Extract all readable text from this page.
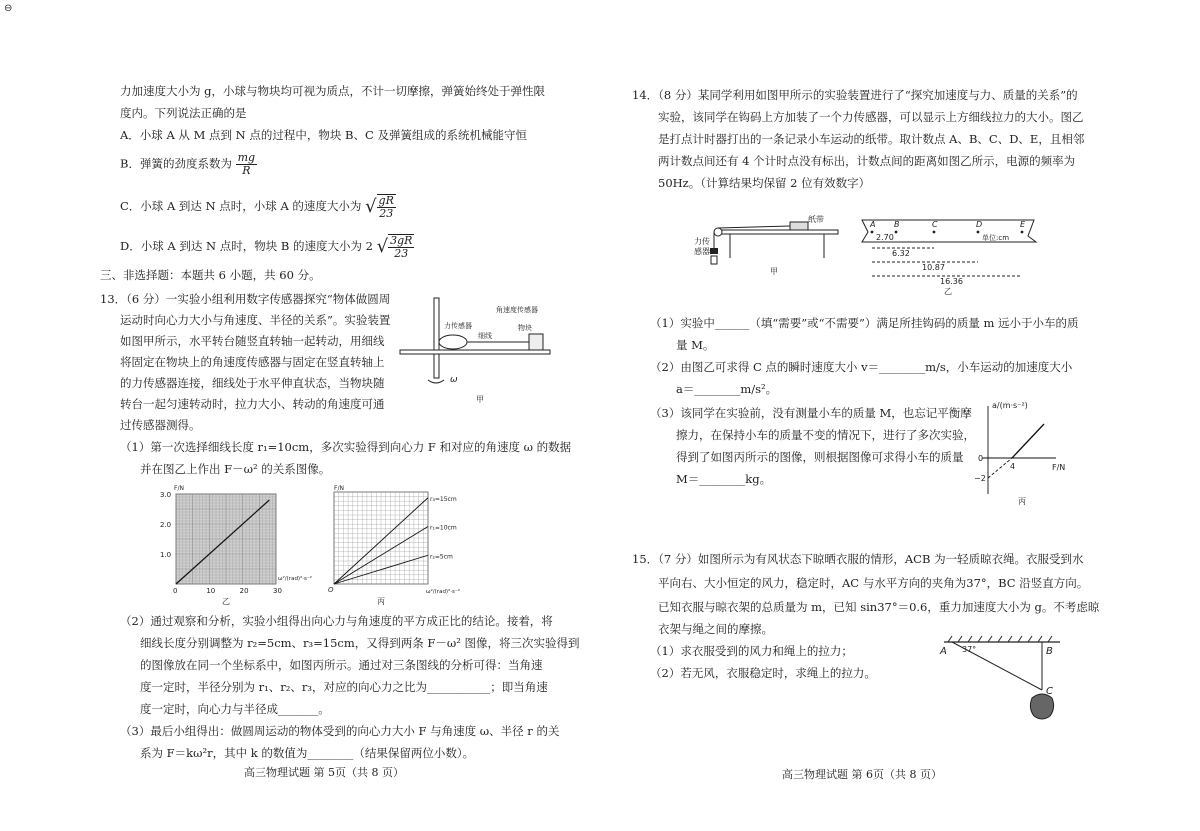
⊖
力加速度大小为 g，小球与物块均可视为质点，不计一切摩擦，弹簧始终处于弹性限
度内。下列说法正确的是
A．小球 A 从 M 点到 N 点的过程中，物块 B、C 及弹簧组成的系统机械能守恒
B．弹簧的劲度系数为 $\frac{mg}{R}$
C．小球 A 到达 N 点时，小球 A 的速度大小为 √ $\frac{gR}{23}$
D．小球 A 到达 N 点时，物块 B 的速度大小为 2 √ $\frac{3gR}{23}$
三、非选择题：本题共 6 小题，共 60 分。
13．（6 分）一实验小组利用数字传感器探究“物体做圆周
运动时向心力大小与角速度、半径的关系”。实验装置
如图甲所示，水平转台随竖直转轴一起转动，用细线
将固定在物块上的角速度传感器与固定在竖直转轴上
的力传感器连接，细线处于水平伸直状态，当物块随
转台一起匀速转动时，拉力大小、转动的角速度可通
过传感器测得。
角速度传感器
力传感器	物块
细线
ω
甲
（1）第一次选择细线长度 r₁=10cm，多次实验得到向心力 F 和对应的角速度 ω 的数据
并在图乙上作出 F－ω² 的关系图像。
0	10	20	30
1.0
2.0
3.0
F/N
ω²/(rad)²·s⁻²
乙
r₃=15cm
r₁=10cm
r₂=5cm
F/N
ω²/(rad)²·s⁻²
O
丙
（2）通过观察和分析，实验小组得出向心力与角速度的平方成正比的结论。接着，将
细线长度分别调整为 r₂=5cm、r₃=15cm，又得到两条 F－ω² 图像，将三次实验得到
的图像放在同一个坐标系中，如图丙所示。通过对三条图线的分析可得：当角速
度一定时，半径分别为 r₁、r₂、r₃，对应的向心力之比为___________；即当角速
度一定时，向心力与半径成_______。
（3）最后小组得出：做圆周运动的物体受到的向心力大小 F 与角速度 ω、半径 r 的关
系为 F＝kω²r，其中 k 的数值为________（结果保留两位小数）。
高三物理试题 第 5页（共 8 页）
14．（8 分）某同学利用如图甲所示的实验装置进行了“探究加速度与力、质量的关系”的
实验，该同学在钩码上方加装了一个力传感器，可以显示上方细线拉力的大小。图乙
是打点计时器打出的一条记录小车运动的纸带。取计数点 A、B、C、D、E，且相邻
两计数点间还有 4 个计时点没有标出，计数点间的距离如图乙所示，电源的频率为
50Hz。（计算结果均保留 2 位有效数字）
纸带
力传
感器
甲
A B	C	D	E
2.70	单位:cm
6.32
10.87
16.36
乙
（1）实验中______（填“需要”或“不需要”）满足所挂钩码的质量 m 远小于小车的质
量 M。
（2）由图乙可求得 C 点的瞬时速度大小 v＝________m/s，小车运动的加速度大小
a＝________m/s²。
（3）该同学在实验前，没有测量小车的质量 M，也忘记平衡摩
擦力，在保持小车的质量不变的情况下，进行了多次实验，
得到了如图丙所示的图像，则根据图像可求得小车的质量
M＝________kg。
a/(m·s⁻²)
F/N
4
0
−2
丙
15．（7 分）如图所示为有风状态下晾晒衣服的情形，ACB 为一轻质晾衣绳。衣服受到水
平向右、大小恒定的风力，稳定时，AC 与水平方向的夹角为37°，BC 沿竖直方向。
已知衣服与晾衣架的总质量为 m，已知 sin37°＝0.6，重力加速度大小为 g。不考虑晾
衣架与绳之间的摩擦。
（1）求衣服受到的风力和绳上的拉力；
（2）若无风，衣服稳定时，求绳上的拉力。
A	B
C
37°
高三物理试题 第 6页（共 8 页）
